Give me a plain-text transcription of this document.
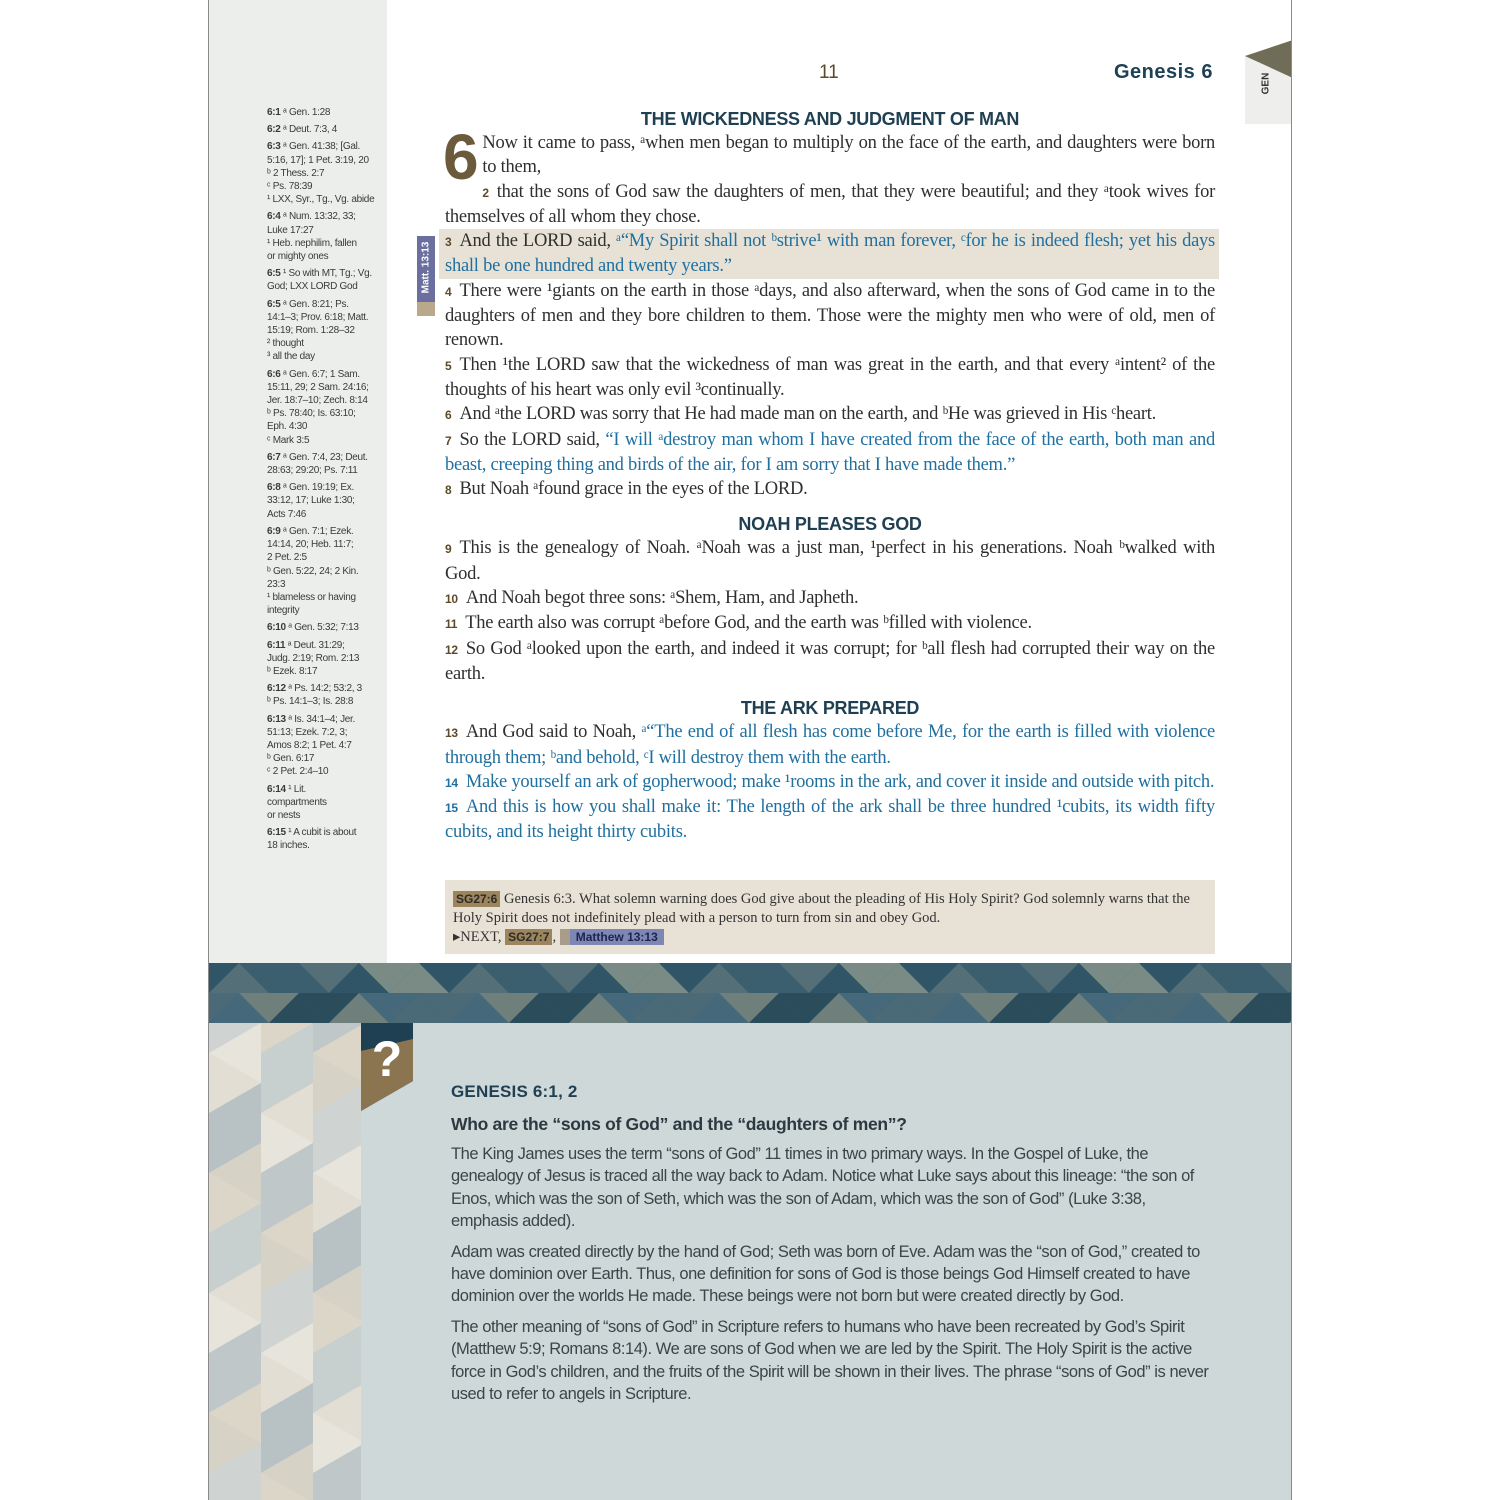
6:1 ᵃ Gen. 1:28
6:2 ᵃ Deut. 7:3, 4
6:3 ᵃ Gen. 41:38; [Gal.
5:16, 17]; 1 Pet. 3:19, 20
ᵇ 2 Thess. 2:7
ᶜ Ps. 78:39
¹ LXX, Syr., Tg., Vg. abide
6:4 ᵃ Num. 13:32, 33;
Luke 17:27
¹ Heb. nephilim, fallen
or mighty ones
6:5 ¹ So with MT, Tg.; Vg.
God; LXX LORD God
6:5 ᵃ Gen. 8:21; Ps.
14:1–3; Prov. 6:18; Matt.
15:19; Rom. 1:28–32
² thought
³ all the day
6:6 ᵃ Gen. 6:7; 1 Sam.
15:11, 29; 2 Sam. 24:16;
Jer. 18:7–10; Zech. 8:14
ᵇ Ps. 78:40; Is. 63:10;
Eph. 4:30
ᶜ Mark 3:5
6:7 ᵃ Gen. 7:4, 23; Deut.
28:63; 29:20; Ps. 7:11
6:8 ᵃ Gen. 19:19; Ex.
33:12, 17; Luke 1:30;
Acts 7:46
6:9 ᵃ Gen. 7:1; Ezek.
14:14, 20; Heb. 11:7;
2 Pet. 2:5
ᵇ Gen. 5:22, 24; 2 Kin.
23:3
¹ blameless or having
integrity
6:10 ᵃ Gen. 5:32; 7:13
6:11 ᵃ Deut. 31:29;
Judg. 2:19; Rom. 2:13
ᵇ Ezek. 8:17
6:12 ᵃ Ps. 14:2; 53:2, 3
ᵇ Ps. 14:1–3; Is. 28:8
6:13 ᵃ Is. 34:1–4; Jer.
51:13; Ezek. 7:2, 3;
Amos 8:2; 1 Pet. 4:7
ᵇ Gen. 6:17
ᶜ 2 Pet. 2:4–10
6:14 ¹ Lit.
compartments
or nests
6:15 ¹ A cubit is about
18 inches.
11	Genesis 6
GEN
Matt. 13:13
THE WICKEDNESS AND JUDGMENT OF MAN
6 Now it came to pass, ᵃwhen men began to multiply on the face of the earth, and daughters were born to them,
2 that the sons of God saw the daughters of men, that they were beautiful; and they ᵃtook wives for themselves of all whom they chose.
3 And the LORD said, ᵃ“My Spirit shall not ᵇstrive¹ with man forever, ᶜfor he is indeed flesh; yet his days shall be one hundred and twenty years.”
4 There were ¹giants on the earth in those ᵃdays, and also afterward, when the sons of God came in to the daughters of men and they bore children to them. Those were the mighty men who were of old, men of renown.
5 Then ¹the LORD saw that the wickedness of man was great in the earth, and that every ᵃintent² of the thoughts of his heart was only evil ³continually.
6 And ᵃthe LORD was sorry that He had made man on the earth, and ᵇHe was grieved in His ᶜheart.
7 So the LORD said, “I will ᵃdestroy man whom I have created from the face of the earth, both man and beast, creeping thing and birds of the air, for I am sorry that I have made them.”
8 But Noah ᵃfound grace in the eyes of the LORD.
NOAH PLEASES GOD
9 This is the genealogy of Noah. ᵃNoah was a just man, ¹perfect in his generations. Noah ᵇwalked with God.
10 And Noah begot three sons: ᵃShem, Ham, and Japheth.
11 The earth also was corrupt ᵃbefore God, and the earth was ᵇfilled with violence.
12 So God ᵃlooked upon the earth, and indeed it was corrupt; for ᵇall flesh had corrupted their way on the earth.
THE ARK PREPARED
13 And God said to Noah, ᵃ“The end of all flesh has come before Me, for the earth is filled with violence through them; ᵇand behold, ᶜI will destroy them with the earth.
14 Make yourself an ark of gopherwood; make ¹rooms in the ark, and cover it inside and outside with pitch.
15 And this is how you shall make it: The length of the ark shall be three hundred ¹cubits, its width fifty cubits, and its height thirty cubits.
SG27:6 Genesis 6:3. What solemn warning does God give about the pleading of His Holy Spirit? God solemnly warns that the Holy Spirit does not indefinitely plead with a person to turn from sin and obey God.
▸NEXT, SG27:7 , Matthew 13:13
?
GENESIS 6:1, 2
Who are the “sons of God” and the “daughters of men”?
The King James uses the term “sons of God” 11 times in two primary ways. In the Gospel of Luke, the genealogy of Jesus is traced all the way back to Adam. Notice what Luke says about this lineage: “the son of Enos, which was the son of Seth, which was the son of Adam, which was the son of God” (Luke 3:38, emphasis added).
Adam was created directly by the hand of God; Seth was born of Eve. Adam was the “son of God,” created to have dominion over Earth. Thus, one definition for sons of God is those beings God Himself created to have dominion over the worlds He made. These beings were not born but were created directly by God.
The other meaning of “sons of God” in Scripture refers to humans who have been recreated by God’s Spirit (Matthew 5:9; Romans 8:14). We are sons of God when we are led by the Spirit. The Holy Spirit is the active force in God’s children, and the fruits of the Spirit will be shown in their lives. The phrase “sons of God” is never used to refer to angels in Scripture.
